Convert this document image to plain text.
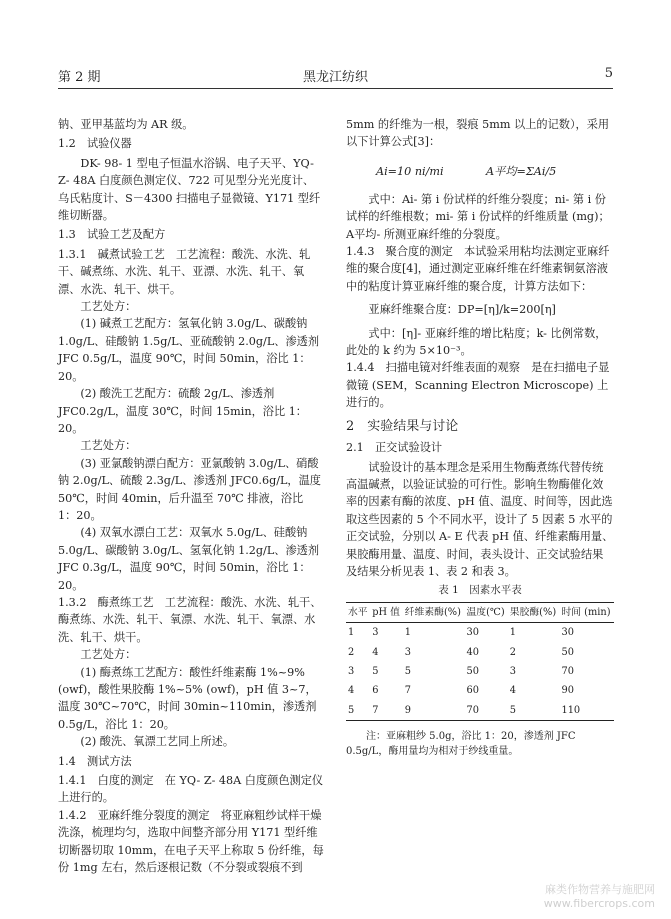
第 2 期	黑龙江纺织	5

钠、亚甲基蓝均为 AR 级。

1.2　试验仪器

DK- 98- 1 型电子恒温水浴锅、电子天平、YQ- Z- 48A 白度颜色测定仪、722 可见型分光光度计、乌氏粘度计、S－4300 扫描电子显微镜、Y171 型纤维切断器。

1.3　试验工艺及配方

1.3.1　碱煮试验工艺　工艺流程：酸洗、水洗、轧干、碱煮练、水洗、轧干、亚漂、水洗、轧干、氧漂、水洗、轧干、烘干。

工艺处方：

(1) 碱煮工艺配方：氢氧化钠 3.0g/L、碳酸钠 1.0g/L、硅酸钠 1.5g/L、亚硫酸钠 2.0g/L、渗透剂 JFC 0.5g/L，温度 90℃，时间 50min，浴比 1：20。

(2) 酸洗工艺配方：硫酸 2g/L、渗透剂 JFC0.2g/L，温度 30℃，时间 15min，浴比 1：20。

工艺处方：

(3) 亚氯酸钠漂白配方：亚氯酸钠 3.0g/L、硝酸钠 2.0g/L、硫酸 2.3g/L、渗透剂 JFC0.6g/L，温度 50℃，时间 40min，后升温至 70℃ 排液，浴比 1：20。

(4) 双氧水漂白工艺：双氧水 5.0g/L、硅酸钠 5.0g/L、碳酸钠 3.0g/L、氢氧化钠 1.2g/L、渗透剂 JFC 0.3g/L，温度 90℃，时间 50min，浴比 1：20。

1.3.2　酶煮练工艺　工艺流程：酸洗、水洗、轧干、酶煮练、水洗、轧干、氧漂、水洗、轧干、氧漂、水洗、轧干、烘干。

工艺处方：

(1) 酶煮练工艺配方：酸性纤维素酶 1%~9% (owf)，酸性果胶酶 1%~5% (owf)，pH 值 3~7，温度 30℃~70℃，时间 30min~110min，渗透剂 0.5g/L，浴比 1：20。

(2) 酸洗、氧漂工艺同上所述。

1.4　测试方法

1.4.1　白度的测定　在 YQ- Z- 48A 白度颜色测定仪上进行的。

1.4.2　亚麻纤维分裂度的测定　将亚麻粗纱试样干燥洗涤，梳理均匀，选取中间整齐部分用 Y171 型纤维切断器切取 10mm，在电子天平上称取 5 份纤维，每份 1mg 左右，然后逐根记数（不分裂或裂痕不到

5mm 的纤维为一根，裂痕 5mm 以上的记数），采用以下计算公式[3]：

Ai=10 ni/mi	A平均=ΣAi/5

式中：Ai- 第 i 份试样的纤维分裂度；ni- 第 i 份试样的纤维根数；mi- 第 i 份试样的纤维质量 (mg)；A平均- 所测亚麻纤维的分裂度。

1.4.3　聚合度的测定　本试验采用粘均法测定亚麻纤维的聚合度[4]，通过测定亚麻纤维在纤维素铜氨溶液中的粘度计算亚麻纤维的聚合度，计算方法如下：

亚麻纤维聚合度：DP=[η]/k=200[η]

式中：[η]- 亚麻纤维的增比粘度；k- 比例常数，此处的 k 约为 5×10⁻³。

1.4.4　扫描电镜对纤维表面的观察　是在扫描电子显微镜 (SEM，Scanning Electron Microscope) 上进行的。

2　实验结果与讨论

2.1　正交试验设计

试验设计的基本理念是采用生物酶煮练代替传统高温碱煮，以验证试验的可行性。影响生物酶催化效率的因素有酶的浓度、pH 值、温度、时间等，因此选取这些因素的 5 个不同水平，设计了 5 因素 5 水平的正交试验，分别以 A- E 代表 pH 值、纤维素酶用量、果胶酶用量、温度、时间，表头设计、正交试验结果及结果分析见表 1、表 2 和表 3。

表 1　因素水平表

水平	pH 值	纤维素酶(%)	温度(℃)	果胶酶(%)	时间 (min)
1	3	1	30	1	30
2	4	3	40	2	50
3	5	5	50	3	70
4	6	7	60	4	90
5	7	9	70	5	110

注：亚麻粗纱 5.0g，浴比 1：20，渗透剂 JFC 0.5g/L，酶用量均为相对于纱线重量。

麻类作物营养与施肥网
www.fibercrops.com
